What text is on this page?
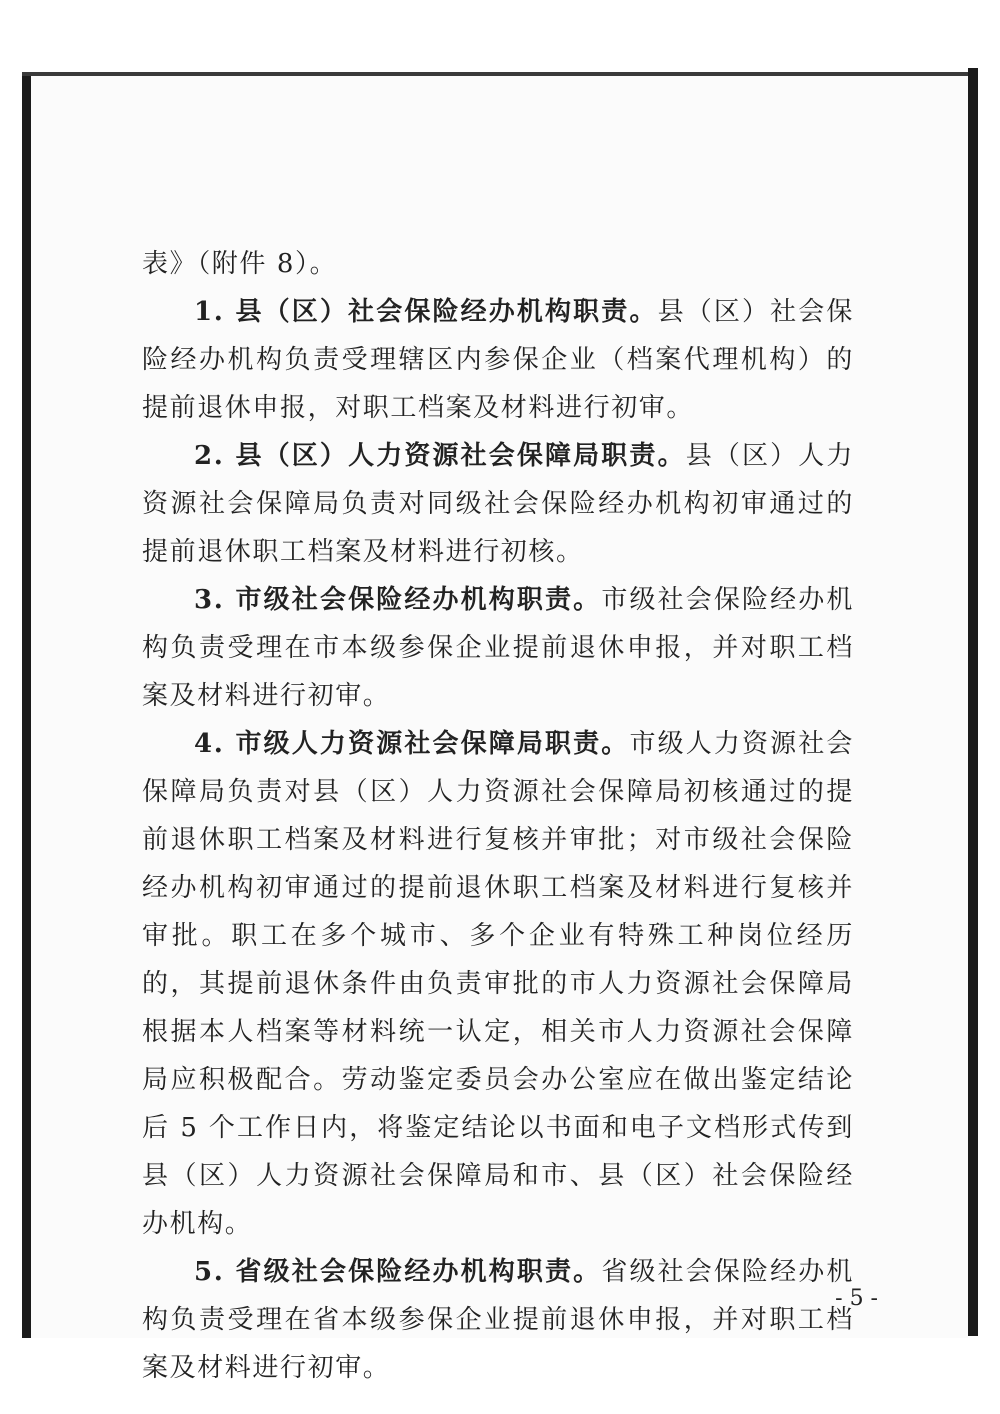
表》（附件 8）。

1. 县（区）社会保险经办机构职责。县（区）社会保险经办机构负责受理辖区内参保企业（档案代理机构）的提前退休申报，对职工档案及材料进行初审。

2. 县（区）人力资源社会保障局职责。县（区）人力资源社会保障局负责对同级社会保险经办机构初审通过的提前退休职工档案及材料进行初核。

3. 市级社会保险经办机构职责。市级社会保险经办机构负责受理在市本级参保企业提前退休申报，并对职工档案及材料进行初审。

4. 市级人力资源社会保障局职责。市级人力资源社会保障局负责对县（区）人力资源社会保障局初核通过的提前退休职工档案及材料进行复核并审批；对市级社会保险经办机构初审通过的提前退休职工档案及材料进行复核并审批。职工在多个城市、多个企业有特殊工种岗位经历的，其提前退休条件由负责审批的市人力资源社会保障局根据本人档案等材料统一认定，相关市人力资源社会保障局应积极配合。劳动鉴定委员会办公室应在做出鉴定结论后 5 个工作日内，将鉴定结论以书面和电子文档形式传到县（区）人力资源社会保障局和市、县（区）社会保险经办机构。

5. 省级社会保险经办机构职责。省级社会保险经办机构负责受理在省本级参保企业提前退休申报，并对职工档案及材料进行初审。

- 5 -
